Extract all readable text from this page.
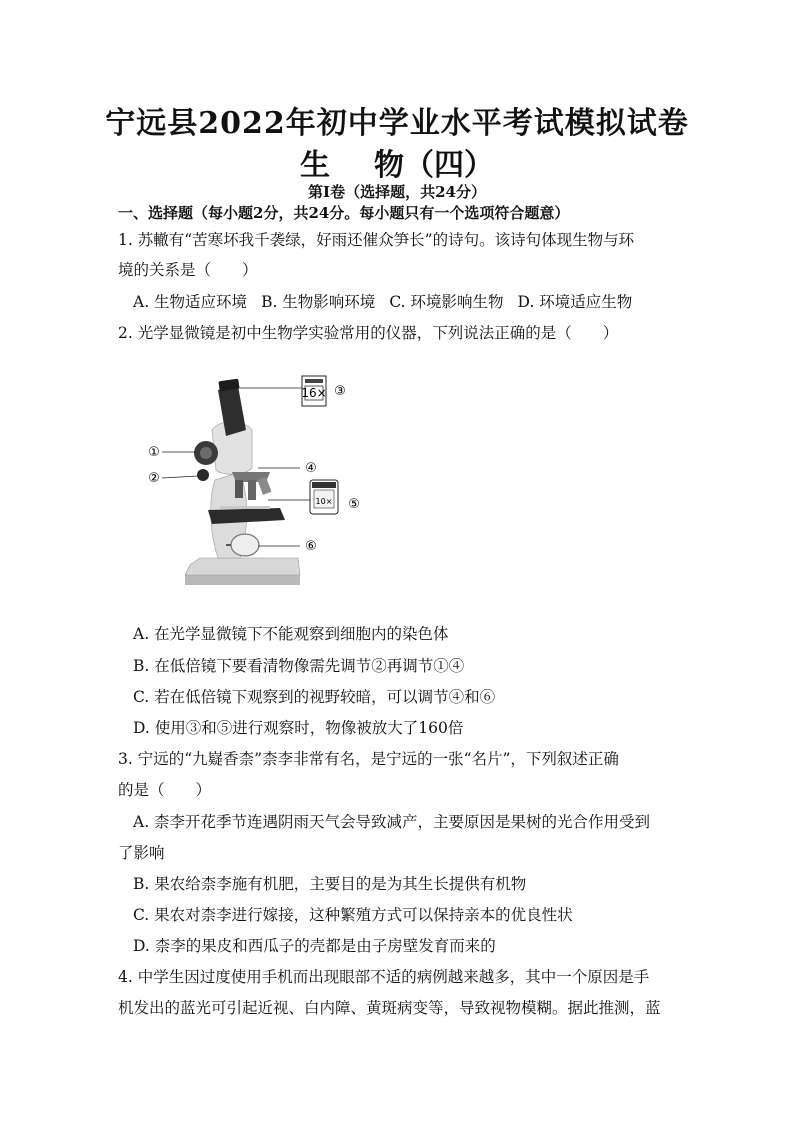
宁远县2022年初中学业水平考试模拟试卷
生 物（四）
第Ⅰ卷（选择题，共24分）
一、选择题（每小题2分，共24分。每小题只有一个选项符合题意）
1. 苏轍有“苦寒坏我千袭绿，好雨还催众笋长”的诗句。该诗句体现生物与环
境的关系是（　　）
A. 生物适应环境 B. 生物影响环境 C. 环境影响生物 D. 环境适应生物
2. 光学显微镜是初中生物学实验常用的仪器，下列说法正确的是（　　）
16× ③
10× ⑤
①
②
④
⑥
A. 在光学显微镜下不能观察到细胞内的染色体
B. 在低倍镜下要看清物像需先调节②再调节①④
C. 若在低倍镜下观察到的视野较暗，可以调节④和⑥
D. 使用③和⑤进行观察时，物像被放大了160倍
3. 宁远的“九嶷香柰”柰李非常有名，是宁远的一张“名片”，下列叙述正确
的是（　　）
A. 柰李开花季节连遇阴雨天气会导致减产，主要原因是果树的光合作用受到
了影响
B. 果农给柰李施有机肥，主要目的是为其生长提供有机物
C. 果农对柰李进行嫁接，这种繁殖方式可以保持亲本的优良性状
D. 柰李的果皮和西瓜子的壳都是由子房壁发育而来的
4. 中学生因过度使用手机而出现眼部不适的病例越来越多，其中一个原因是手
机发出的蓝光可引起近视、白内障、黄斑病变等，导致视物模糊。据此推测，蓝
